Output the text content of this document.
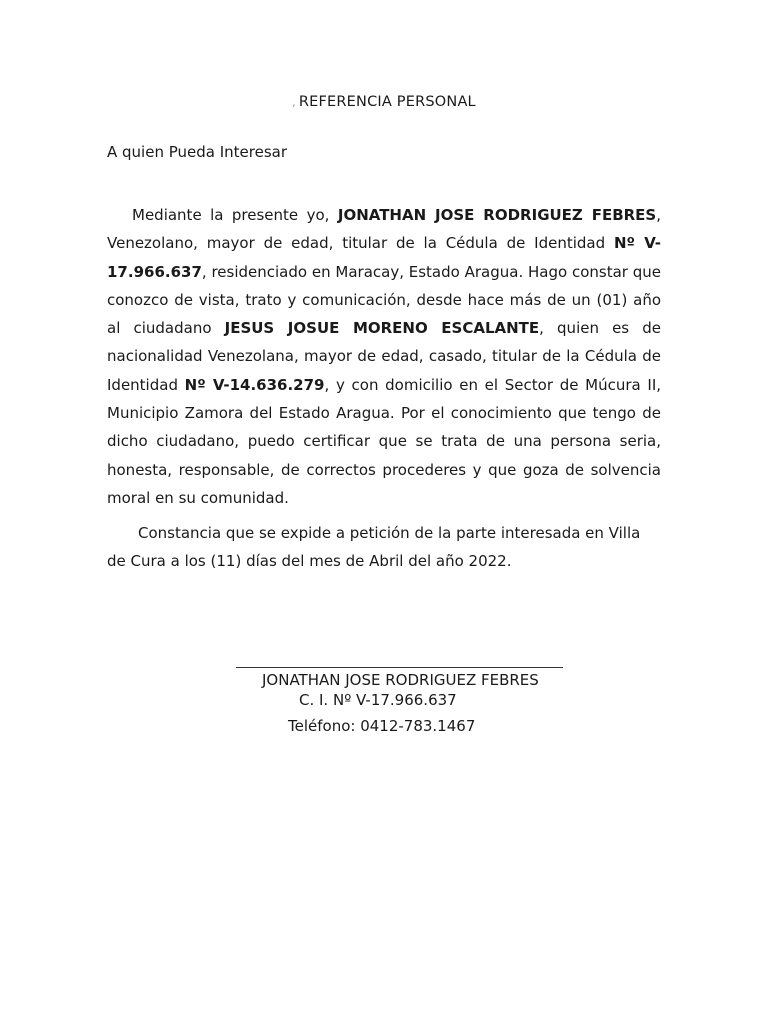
, REFERENCIA PERSONAL
A quien Pueda Interesar

Mediante la presente yo, JONATHAN JOSE RODRIGUEZ FEBRES, Venezolano, mayor de edad, titular de la Cédula de Identidad Nº V-17.966.637, residenciado en Maracay, Estado Aragua. Hago constar que conozco de vista, trato y comunicación, desde hace más de un (01) año al ciudadano JESUS JOSUE MORENO ESCALANTE, quien es de nacionalidad Venezolana, mayor de edad, casado, titular de la Cédula de Identidad Nº V-14.636.279, y con domicilio en el Sector de Múcura II, Municipio Zamora del Estado Aragua. Por el conocimiento que tengo de dicho ciudadano, puedo certificar que se trata de una persona seria, honesta, responsable, de correctos procederes y que goza de solvencia moral en su comunidad.

Constancia que se expide a petición de la parte interesada en Villa de Cura a los (11) días del mes de Abril del año 2022.

JONATHAN JOSE RODRIGUEZ FEBRES
C. I. Nº V-17.966.637
Teléfono: 0412-783.1467
